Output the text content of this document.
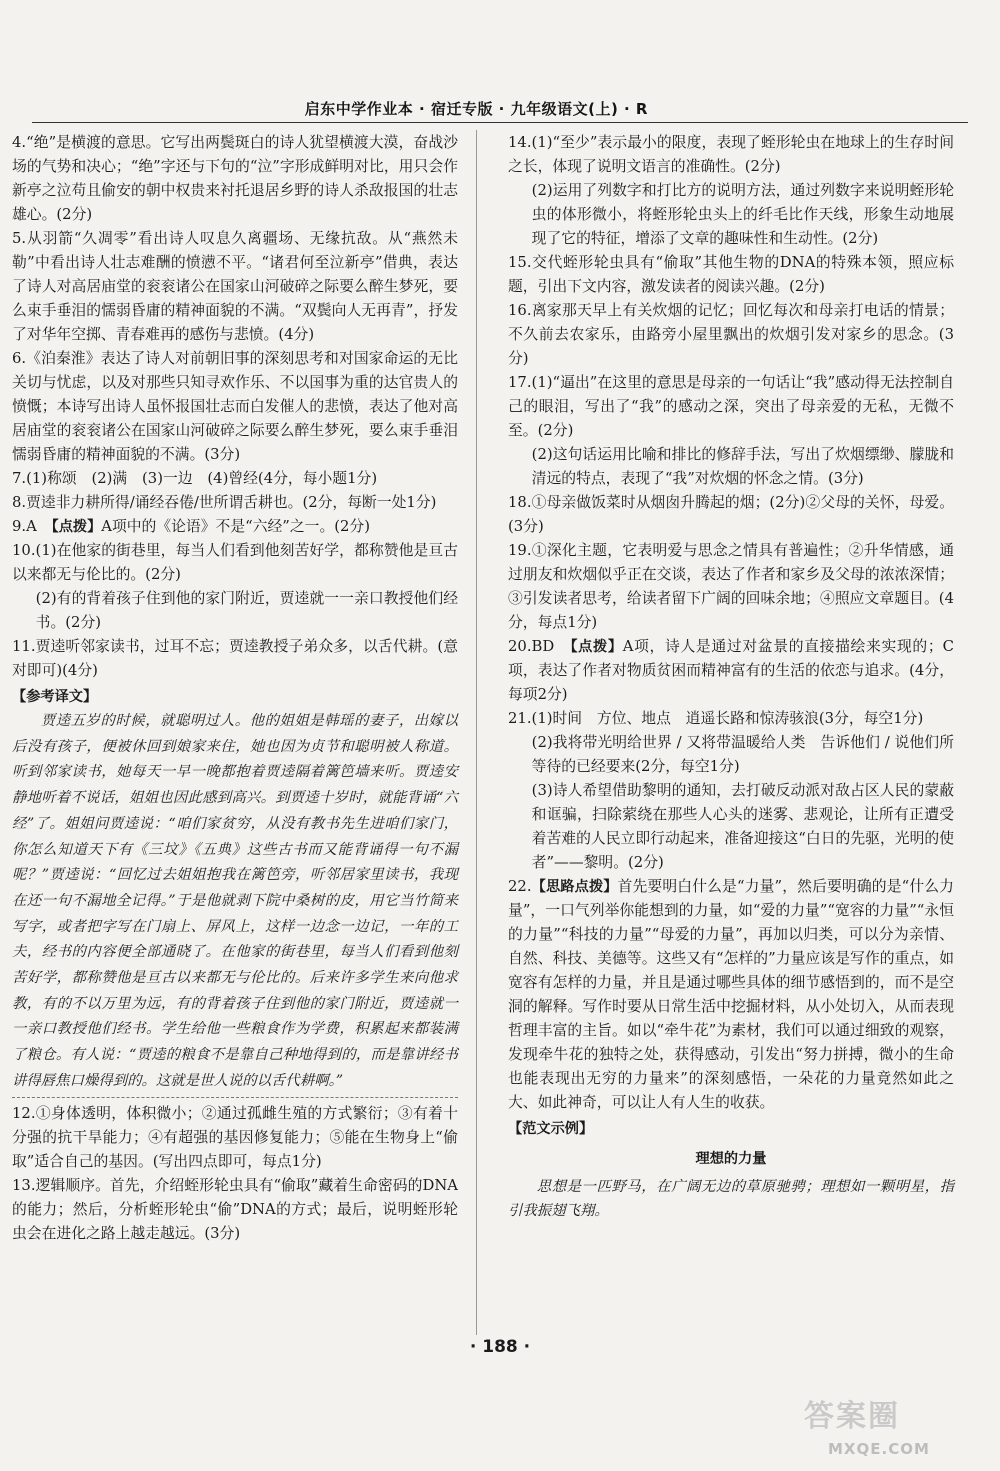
启东中学作业本 · 宿迁专版 · 九年级语文(上) · R
4.“绝”是横渡的意思。它写出两鬓斑白的诗人犹望横渡大漠，奋战沙场的气势和决心；“绝”字还与下句的“泣”字形成鲜明对比，用只会作新亭之泣苟且偷安的朝中权贵来衬托退居乡野的诗人杀敌报国的壮志雄心。(2分)
5.从羽箭“久凋零”看出诗人叹息久离疆场、无缘抗敌。从“燕然未勒”中看出诗人壮志难酬的愤懑不平。“诸君何至泣新亭”借典，表达了诗人对高居庙堂的衮衮诸公在国家山河破碎之际要么醉生梦死，要么束手垂泪的懦弱昏庸的精神面貌的不满。“双鬓向人无再青”，抒发了对华年空掷、青春难再的感伤与悲愤。(4分)
6.《泊秦淮》表达了诗人对前朝旧事的深刻思考和对国家命运的无比关切与忧虑，以及对那些只知寻欢作乐、不以国事为重的达官贵人的愤慨；本诗写出诗人虽怀报国壮志而白发催人的悲愤，表达了他对高居庙堂的衮衮诸公在国家山河破碎之际要么醉生梦死，要么束手垂泪懦弱昏庸的精神面貌的不满。(3分)
7.(1)称颂　(2)满　(3)一边　(4)曾经(4分，每小题1分)
8.贾逵非力耕所得/诵经吞倦/世所谓舌耕也。(2分，每断一处1分)
9.A　【点拨】A项中的《论语》不是“六经”之一。(2分)
10.(1)在他家的街巷里，每当人们看到他刻苦好学，都称赞他是亘古以来都无与伦比的。(2分)
(2)有的背着孩子住到他的家门附近，贾逵就一一亲口教授他们经书。(2分)
11.贾逵听邻家读书，过耳不忘；贾逵教授子弟众多，以舌代耕。(意对即可)(4分)
【参考译文】
贾逵五岁的时候，就聪明过人。他的姐姐是韩瑶的妻子，出嫁以后没有孩子，便被休回到娘家来住，她也因为贞节和聪明被人称道。听到邻家读书，她每天一早一晚都抱着贾逵隔着篱笆墙来听。贾逵安静地听着不说话，姐姐也因此感到高兴。到贾逵十岁时，就能背诵“六经”了。姐姐问贾逵说：“咱们家贫穷，从没有教书先生进咱们家门，你怎么知道天下有《三坟》《五典》这些古书而又能背诵得一句不漏呢？”贾逵说：“回忆过去姐姐抱我在篱笆旁，听邻居家里读书，我现在还一句不漏地全记得。”于是他就剥下院中桑树的皮，用它当竹简来写字，或者把字写在门扇上、屏风上，这样一边念一边记，一年的工夫，经书的内容便全部通晓了。在他家的街巷里，每当人们看到他刻苦好学，都称赞他是亘古以来都无与伦比的。后来许多学生来向他求教，有的不以万里为远，有的背着孩子住到他的家门附近，贾逵就一一亲口教授他们经书。学生给他一些粮食作为学费，积累起来都装满了粮仓。有人说：“贾逵的粮食不是靠自己种地得到的，而是靠讲经书讲得唇焦口燥得到的。这就是世人说的以舌代耕啊。”
12.①身体透明，体积微小；②通过孤雌生殖的方式繁衍；③有着十分强的抗干旱能力；④有超强的基因修复能力；⑤能在生物身上“偷取”适合自己的基因。(写出四点即可，每点1分)
13.逻辑顺序。首先，介绍蛭形轮虫具有“偷取”藏着生命密码的DNA的能力；然后，分析蛭形轮虫“偷”DNA的方式；最后，说明蛭形轮虫会在进化之路上越走越远。(3分)
14.(1)“至少”表示最小的限度，表现了蛭形轮虫在地球上的生存时间之长，体现了说明文语言的准确性。(2分)
(2)运用了列数字和打比方的说明方法，通过列数字来说明蛭形轮虫的体形微小，将蛭形轮虫头上的纤毛比作天线，形象生动地展现了它的特征，增添了文章的趣味性和生动性。(2分)
15.交代蛭形轮虫具有“偷取”其他生物的DNA的特殊本领，照应标题，引出下文内容，激发读者的阅读兴趣。(2分)
16.离家那天早上有关炊烟的记忆；回忆每次和母亲打电话的情景；不久前去农家乐，由路旁小屋里飘出的炊烟引发对家乡的思念。(3分)
17.(1)“逼出”在这里的意思是母亲的一句话让“我”感动得无法控制自己的眼泪，写出了“我”的感动之深，突出了母亲爱的无私，无微不至。(2分)
(2)这句话运用比喻和排比的修辞手法，写出了炊烟缥缈、朦胧和清远的特点，表现了“我”对炊烟的怀念之情。(3分)
18.①母亲做饭菜时从烟囱升腾起的烟；(2分)②父母的关怀，母爱。(3分)
19.①深化主题，它表明爱与思念之情具有普遍性；②升华情感，通过朋友和炊烟似乎正在交谈，表达了作者和家乡及父母的浓浓深情；③引发读者思考，给读者留下广阔的回味余地；④照应文章题目。(4分，每点1分)
20.BD　【点拨】A项，诗人是通过对盆景的直接描绘来实现的；C项，表达了作者对物质贫困而精神富有的生活的依恋与追求。(4分，每项2分)
21.(1)时间　方位、地点　逍遥长路和惊涛骇浪(3分，每空1分)
(2)我将带光明给世界 / 又将带温暖给人类　告诉他们 / 说他们所等待的已经要来(2分，每空1分)
(3)诗人希望借助黎明的通知，去打破反动派对敌占区人民的蒙蔽和诓骗，扫除萦绕在那些人心头的迷雾、悲观论，让所有正遭受着苦难的人民立即行动起来，准备迎接这“白日的先驱，光明的使者”——黎明。(2分)
22.【思路点拨】首先要明白什么是“力量”，然后要明确的是“什么力量”，一口气列举你能想到的力量，如“爱的力量”“宽容的力量”“永恒的力量”“科技的力量”“母爱的力量”，再加以归类，可以分为亲情、自然、科技、美德等。这些又有“怎样的”力量应该是写作的重点，如宽容有怎样的力量，并且是通过哪些具体的细节感悟到的，而不是空洞的解释。写作时要从日常生活中挖掘材料，从小处切入，从而表现哲理丰富的主旨。如以“牵牛花”为素材，我们可以通过细致的观察，发现牵牛花的独特之处，获得感动，引发出“努力拼搏，微小的生命也能表现出无穷的力量来”的深刻感悟，一朵花的力量竟然如此之大、如此神奇，可以让人有人生的收获。
【范文示例】
理想的力量
思想是一匹野马，在广阔无边的草原驰骋；理想如一颗明星，指引我振翅飞翔。
· 188 ·
答案圈
MXQE.COM
